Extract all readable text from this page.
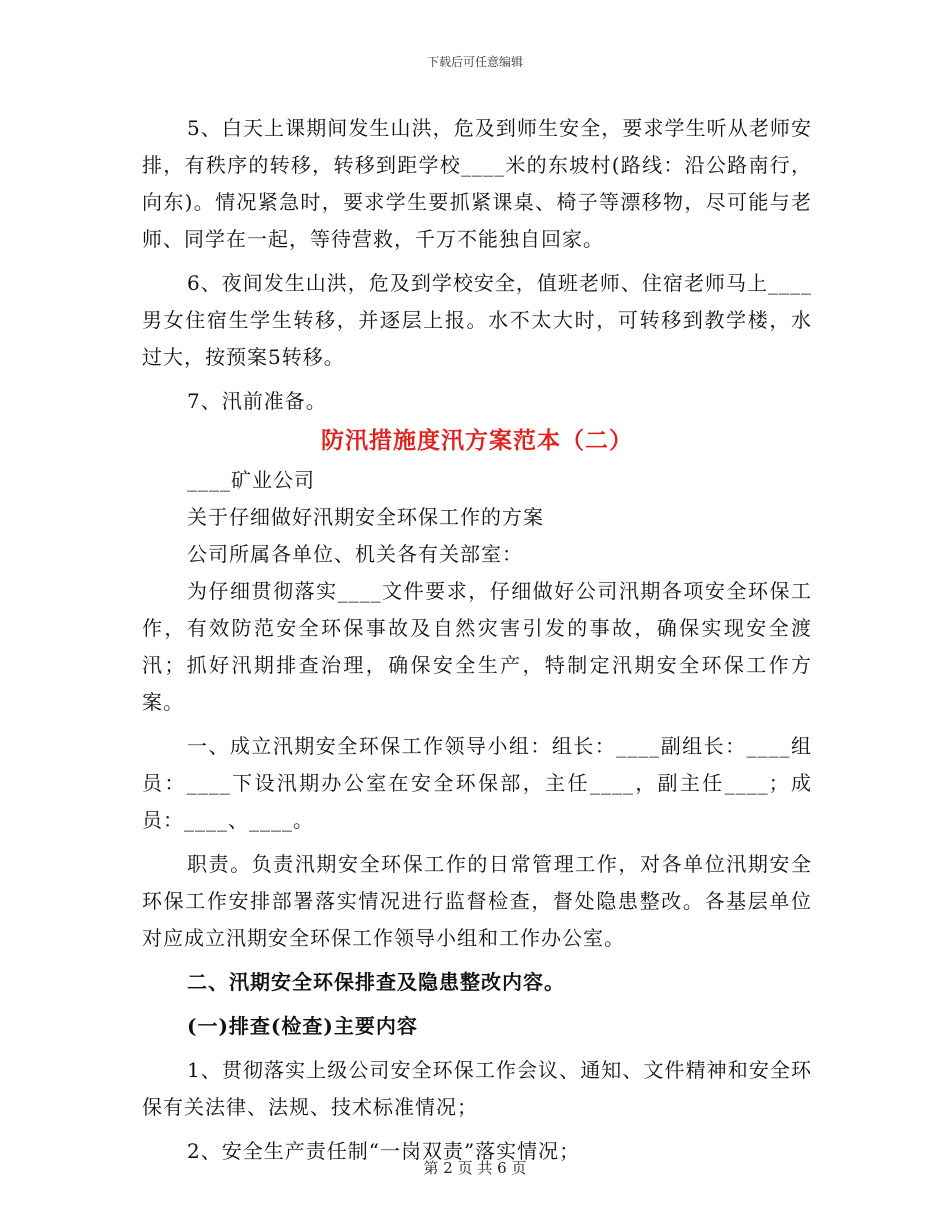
下载后可任意编辑

5、白天上课期间发生山洪，危及到师生安全，要求学生听从老师安排，有秩序的转移，转移到距学校____米的东坡村(路线：沿公路南行，向东)。情况紧急时，要求学生要抓紧课桌、椅子等漂移物，尽可能与老师、同学在一起，等待营救，千万不能独自回家。

6、夜间发生山洪，危及到学校安全，值班老师、住宿老师马上____男女住宿生学生转移，并逐层上报。水不太大时，可转移到教学楼，水过大，按预案5转移。

7、汛前准备。

防汛措施度汛方案范本（二）

____矿业公司

关于仔细做好汛期安全环保工作的方案

公司所属各单位、机关各有关部室：

为仔细贯彻落实____文件要求，仔细做好公司汛期各项安全环保工作，有效防范安全环保事故及自然灾害引发的事故，确保实现安全渡汛；抓好汛期排查治理，确保安全生产，特制定汛期安全环保工作方案。

一、成立汛期安全环保工作领导小组：组长：____副组长：____组员：____下设汛期办公室在安全环保部，主任____，副主任____；成员：____、____。

职责。负责汛期安全环保工作的日常管理工作，对各单位汛期安全环保工作安排部署落实情况进行监督检查，督处隐患整改。各基层单位对应成立汛期安全环保工作领导小组和工作办公室。

二、汛期安全环保排查及隐患整改内容。

(一)排查(检查)主要内容

1、贯彻落实上级公司安全环保工作会议、通知、文件精神和安全环保有关法律、法规、技术标准情况；

2、安全生产责任制“一岗双责”落实情况；

第 2 页 共 6 页
